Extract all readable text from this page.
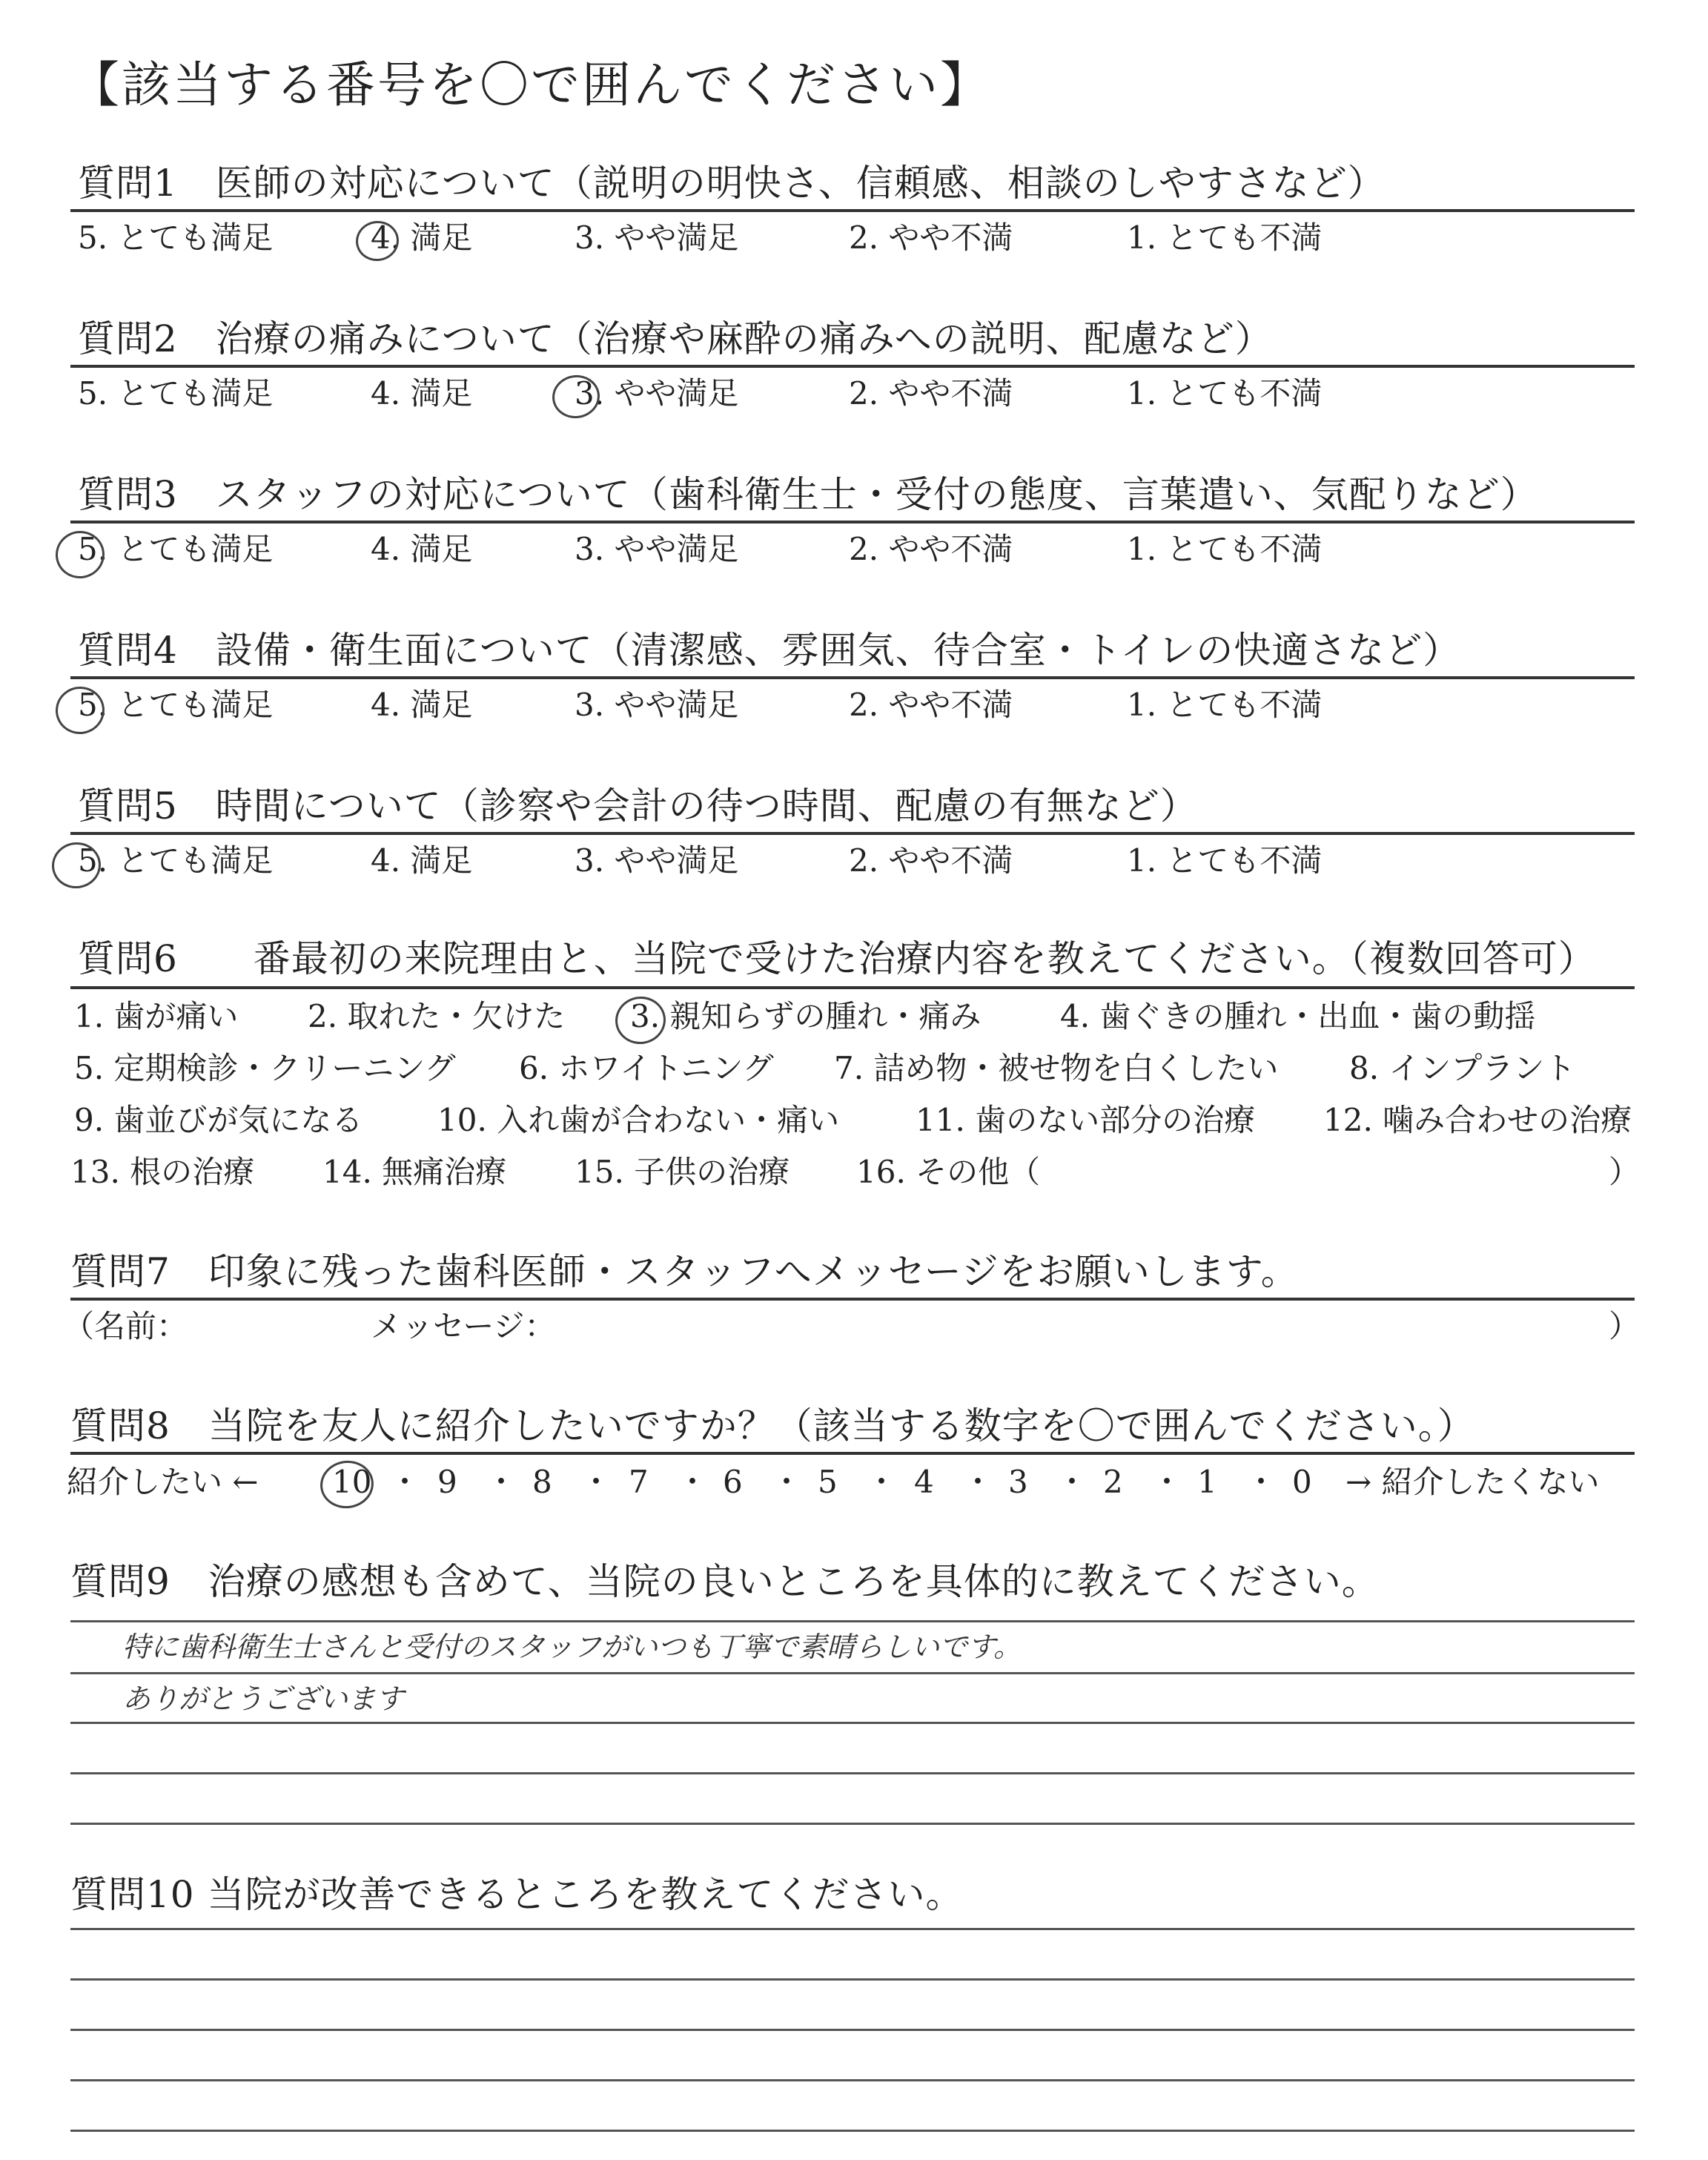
【該当する番号を〇で囲んでください】
質問1　医師の対応について（説明の明快さ、信頼感、相談のしやすさなど）
5. とても満足	4. 満足	3. やや満足	2. やや不満	1. とても不満
質問2　治療の痛みについて（治療や麻酔の痛みへの説明、配慮など）
5. とても満足	4. 満足	3. やや満足	2. やや不満	1. とても不満
質問3　スタッフの対応について（歯科衛生士・受付の態度、言葉遣い、気配りなど）
5. とても満足	4. 満足	3. やや満足	2. やや不満	1. とても不満
質問4　設備・衛生面について（清潔感、雰囲気、待合室・トイレの快適さなど）
5. とても満足	4. 満足	3. やや満足	2. やや不満	1. とても不満
質問5　時間について（診察や会計の待つ時間、配慮の有無など）
5. とても満足	4. 満足	3. やや満足	2. やや不満	1. とても不満
質問6　　番最初の来院理由と、当院で受けた治療内容を教えてください。（複数回答可）
1. 歯が痛い 2. 取れた・欠けた 3. 親知らずの腫れ・痛み	4. 歯ぐきの腫れ・出血・歯の動揺
5. 定期検診・クリーニング 6. ホワイトニング 7. 詰め物・被せ物を白くしたい 8. インプラント
9. 歯並びが気になる 10. 入れ歯が合わない・痛い 11. 歯のない部分の治療 12. 噛み合わせの治療
13. 根の治療 14. 無痛治療 15. 子供の治療 16. その他（	）
質問7　印象に残った歯科医師・スタッフへメッセージをお願いします。
（名前：	メッセージ：	）
質問8　当院を友人に紹介したいですか？（該当する数字を〇で囲んでください。）
紹介したい ← 10 ・ 9 ・ 8 ・ 7 ・ 6 ・ 5 ・ 4 ・ 3 ・ 2 ・ 1 ・ 0 → 紹介したくない
質問9　治療の感想も含めて、当院の良いところを具体的に教えてください。
特に歯科衛生士さんと受付のスタッフがいつも丁寧で素晴らしいです。
ありがとうございます
質問10 当院が改善できるところを教えてください。
